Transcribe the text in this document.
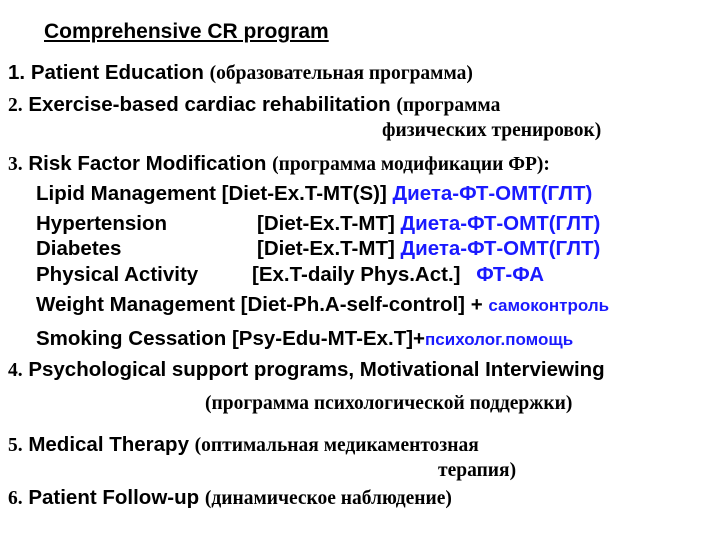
Comprehensive CR program
1. Patient Education (образовательная программа)
2. Exercise-based cardiac rehabilitation (программа
физических тренировок)
3. Risk Factor Modification (программа модификации ФР):
Lipid Management [Diet-Ex.T-MT(S)] Диета-ФТ-ОМТ(ГЛТ)
Hypertension	[Diet-Ex.T-MT] Диета-ФТ-ОМТ(ГЛТ)
Diabetes	[Diet-Ex.T-MT] Диета-ФТ-ОМТ(ГЛТ)
Physical Activity	[Ex.T-daily Phys.Act.] ФТ-ФА
Weight Management [Diet-Ph.A-self-control] + самоконтроль
Smoking Cessation [Psy-Edu-MT-Ex.T]+психолог.помощь
4. Psychological support programs, Motivational Interviewing
(программа психологической поддержки)
5. Medical Therapy (оптимальная медикаментозная
терапия)
6. Patient Follow-up (динамическое наблюдение)
